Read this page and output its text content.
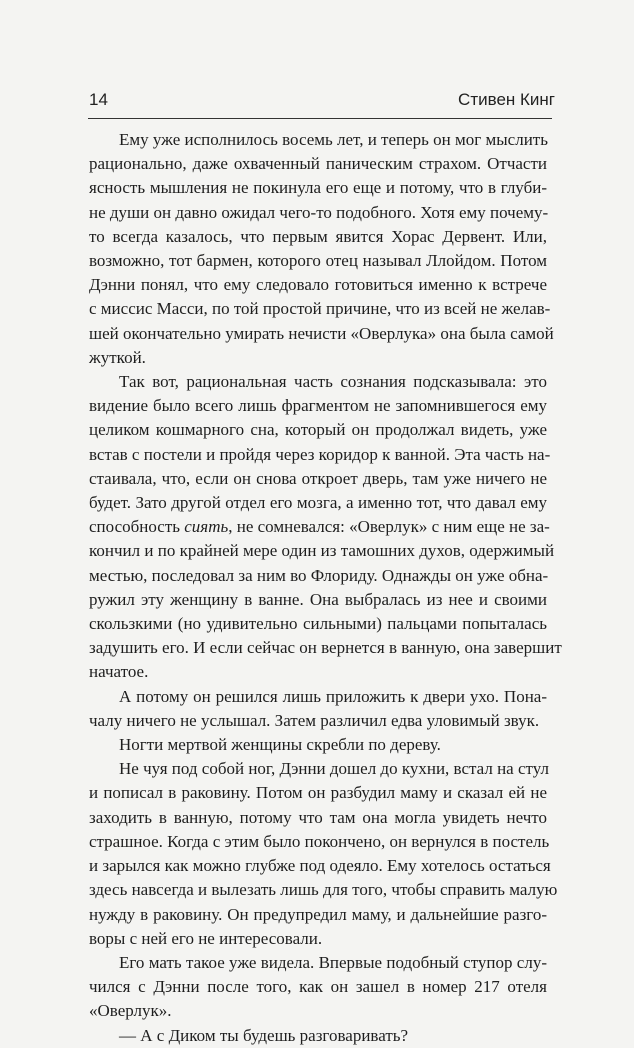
14	Стивен Кинг

Ему уже исполнилось восемь лет, и теперь он мог мыслить
рационально, даже охваченный паническим страхом. Отчасти
ясность мышления не покинула его еще и потому, что в глуби-
не души он давно ожидал чего-то подобного. Хотя ему почему-
то всегда казалось, что первым явится Хорас Дервент. Или,
возможно, тот бармен, которого отец называл Ллойдом. Потом
Дэнни понял, что ему следовало готовиться именно к встрече
с миссис Масси, по той простой причине, что из всей не желав-
шей окончательно умирать нечисти «Оверлука» она была самой
жуткой.

Так вот, рациональная часть сознания подсказывала: это
видение было всего лишь фрагментом не запомнившегося ему
целиком кошмарного сна, который он продолжал видеть, уже
встав с постели и пройдя через коридор к ванной. Эта часть на-
стаивала, что, если он снова откроет дверь, там уже ничего не
будет. Зато другой отдел его мозга, а именно тот, что давал ему
способность сиять, не сомневался: «Оверлук» с ним еще не за-
кончил и по крайней мере один из тамошних духов, одержимый
местью, последовал за ним во Флориду. Однажды он уже обна-
ружил эту женщину в ванне. Она выбралась из нее и своими
скользкими (но удивительно сильными) пальцами попыталась
задушить его. И если сейчас он вернется в ванную, она завершит
начатое.

А потому он решился лишь приложить к двери ухо. Пона-
чалу ничего не услышал. Затем различил едва уловимый звук.

Ногти мертвой женщины скребли по дереву.

Не чуя под собой ног, Дэнни дошел до кухни, встал на стул
и пописал в раковину. Потом он разбудил маму и сказал ей не
заходить в ванную, потому что там она могла увидеть нечто
страшное. Когда с этим было покончено, он вернулся в постель
и зарылся как можно глубже под одеяло. Ему хотелось остаться
здесь навсегда и вылезать лишь для того, чтобы справить малую
нужду в раковину. Он предупредил маму, и дальнейшие разго-
воры с ней его не интересовали.

Его мать такое уже видела. Впервые подобный ступор слу-
чился с Дэнни после того, как он зашел в номер 217 отеля
«Оверлук».

— А с Диком ты будешь разговаривать?
